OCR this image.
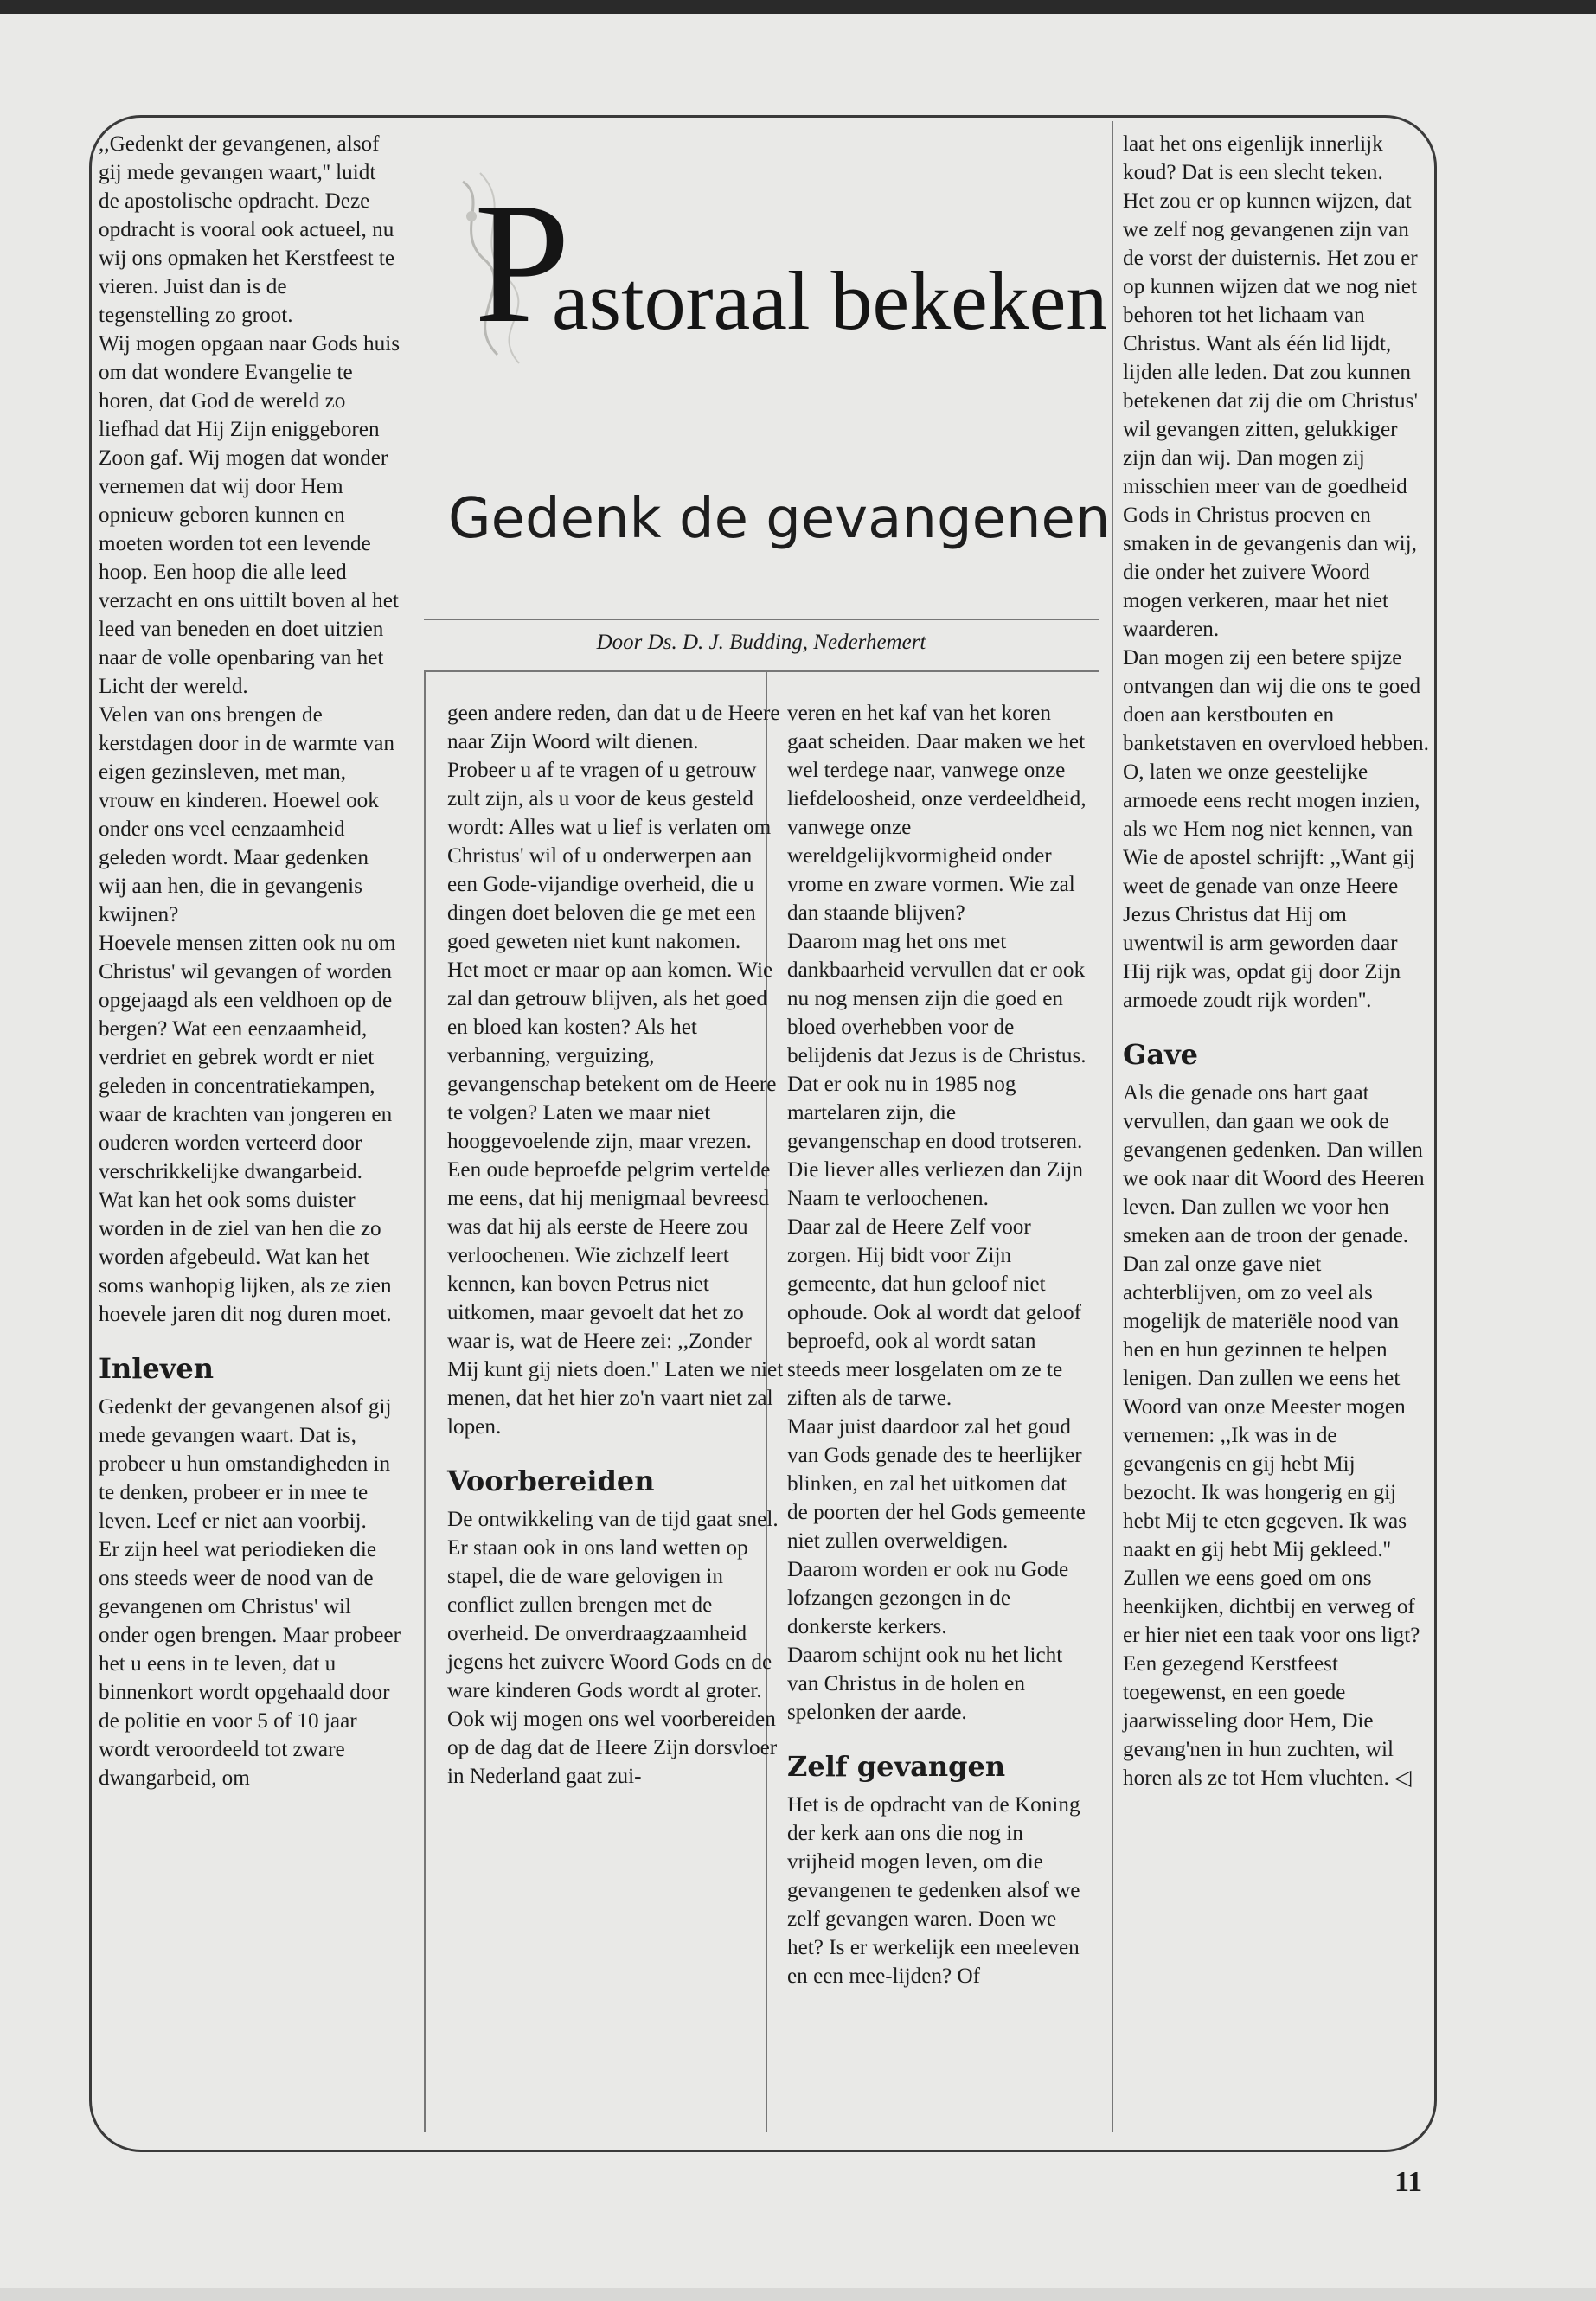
P
astoraal bekeken
Gedenk de gevangenen
Door Ds. D. J. Budding, Nederhemert

,,Gedenkt der gevangenen, alsof gij mede gevangen waart,'' luidt de apostolische opdracht. Deze opdracht is vooral ook actueel, nu wij ons opmaken het Kerstfeest te vieren. Juist dan is de tegenstelling zo groot.

Wij mogen opgaan naar Gods huis om dat wondere Evangelie te horen, dat God de wereld zo liefhad dat Hij Zijn eniggeboren Zoon gaf. Wij mogen dat wonder vernemen dat wij door Hem opnieuw geboren kunnen en moeten worden tot een levende hoop. Een hoop die alle leed verzacht en ons uittilt boven al het leed van beneden en doet uitzien naar de volle openbaring van het Licht der wereld.

Velen van ons brengen de kerstdagen door in de warmte van eigen gezinsleven, met man, vrouw en kinderen. Hoewel ook onder ons veel eenzaamheid geleden wordt. Maar gedenken wij aan hen, die in gevangenis kwijnen?

Hoevele mensen zitten ook nu om Christus' wil gevangen of worden opgejaagd als een veldhoen op de bergen? Wat een eenzaamheid, verdriet en gebrek wordt er niet geleden in concentratiekampen, waar de krachten van jongeren en ouderen worden verteerd door verschrikkelijke dwangarbeid. Wat kan het ook soms duister worden in de ziel van hen die zo worden afgebeuld. Wat kan het soms wanhopig lijken, als ze zien hoevele jaren dit nog duren moet.

Inleven

Gedenkt der gevangenen alsof gij mede gevangen waart. Dat is, probeer u hun omstandigheden in te denken, probeer er in mee te leven. Leef er niet aan voorbij.

Er zijn heel wat periodieken die ons steeds weer de nood van de gevangenen om Christus' wil onder ogen brengen. Maar probeer het u eens in te leven, dat u binnenkort wordt opgehaald door de politie en voor 5 of 10 jaar wordt veroordeeld tot zware dwangarbeid, om

geen andere reden, dan dat u de Heere naar Zijn Woord wilt dienen.

Probeer u af te vragen of u getrouw zult zijn, als u voor de keus gesteld wordt: Alles wat u lief is verlaten om Christus' wil of u onderwerpen aan een Gode-vijandige overheid, die u dingen doet beloven die ge met een goed geweten niet kunt nakomen.

Het moet er maar op aan komen. Wie zal dan getrouw blijven, als het goed en bloed kan kosten? Als het verbanning, verguizing, gevangenschap betekent om de Heere te volgen? Laten we maar niet hooggevoelende zijn, maar vrezen. Een oude beproefde pelgrim vertelde me eens, dat hij menigmaal bevreesd was dat hij als eerste de Heere zou verloochenen. Wie zichzelf leert kennen, kan boven Petrus niet uitkomen, maar gevoelt dat het zo waar is, wat de Heere zei: ,,Zonder Mij kunt gij niets doen.'' Laten we niet menen, dat het hier zo'n vaart niet zal lopen.

Voorbereiden

De ontwikkeling van de tijd gaat snel. Er staan ook in ons land wetten op stapel, die de ware gelovigen in conflict zullen brengen met de overheid. De onverdraagzaamheid jegens het zuivere Woord Gods en de ware kinderen Gods wordt al groter. Ook wij mogen ons wel voorbereiden op de dag dat de Heere Zijn dorsvloer in Nederland gaat zui-

veren en het kaf van het koren gaat scheiden. Daar maken we het wel terdege naar, vanwege onze liefdeloosheid, onze verdeeldheid, vanwege onze wereldgelijkvormigheid onder vrome en zware vormen. Wie zal dan staande blijven?

Daarom mag het ons met dankbaarheid vervullen dat er ook nu nog mensen zijn die goed en bloed overhebben voor de belijdenis dat Jezus is de Christus. Dat er ook nu in 1985 nog martelaren zijn, die gevangenschap en dood trotseren. Die liever alles verliezen dan Zijn Naam te verloochenen.

Daar zal de Heere Zelf voor zorgen. Hij bidt voor Zijn gemeente, dat hun geloof niet ophoude. Ook al wordt dat geloof beproefd, ook al wordt satan steeds meer losgelaten om ze te ziften als de tarwe.

Maar juist daardoor zal het goud van Gods genade des te heerlijker blinken, en zal het uitkomen dat de poorten der hel Gods gemeente niet zullen overweldigen.

Daarom worden er ook nu Gode lofzangen gezongen in de donkerste kerkers.

Daarom schijnt ook nu het licht van Christus in de holen en spelonken der aarde.

Zelf gevangen

Het is de opdracht van de Koning der kerk aan ons die nog in vrijheid mogen leven, om die gevangenen te gedenken alsof we zelf gevangen waren. Doen we het? Is er werkelijk een meeleven en een mee-lijden? Of

laat het ons eigenlijk innerlijk koud? Dat is een slecht teken.

Het zou er op kunnen wijzen, dat we zelf nog gevangenen zijn van de vorst der duisternis. Het zou er op kunnen wijzen dat we nog niet behoren tot het lichaam van Christus. Want als één lid lijdt, lijden alle leden. Dat zou kunnen betekenen dat zij die om Christus' wil gevangen zitten, gelukkiger zijn dan wij. Dan mogen zij misschien meer van de goedheid Gods in Christus proeven en smaken in de gevangenis dan wij, die onder het zuivere Woord mogen verkeren, maar het niet waarderen.

Dan mogen zij een betere spijze ontvangen dan wij die ons te goed doen aan kerstbouten en banketstaven en overvloed hebben. O, laten we onze geestelijke armoede eens recht mogen inzien, als we Hem nog niet kennen, van Wie de apostel schrijft: ,,Want gij weet de genade van onze Heere Jezus Christus dat Hij om uwentwil is arm geworden daar Hij rijk was, opdat gij door Zijn armoede zoudt rijk worden''.

Gave

Als die genade ons hart gaat vervullen, dan gaan we ook de gevangenen gedenken. Dan willen we ook naar dit Woord des Heeren leven. Dan zullen we voor hen smeken aan de troon der genade. Dan zal onze gave niet achterblijven, om zo veel als mogelijk de materiële nood van hen en hun gezinnen te helpen lenigen. Dan zullen we eens het Woord van onze Meester mogen vernemen: ,,Ik was in de gevangenis en gij hebt Mij bezocht. Ik was hongerig en gij hebt Mij te eten gegeven. Ik was naakt en gij hebt Mij gekleed.''

Zullen we eens goed om ons heenkijken, dichtbij en verweg of er hier niet een taak voor ons ligt? Een gezegend Kerstfeest toegewenst, en een goede jaarwisseling door Hem, Die gevang'nen in hun zuchten, wil horen als ze tot Hem vluchten. ◁

11
